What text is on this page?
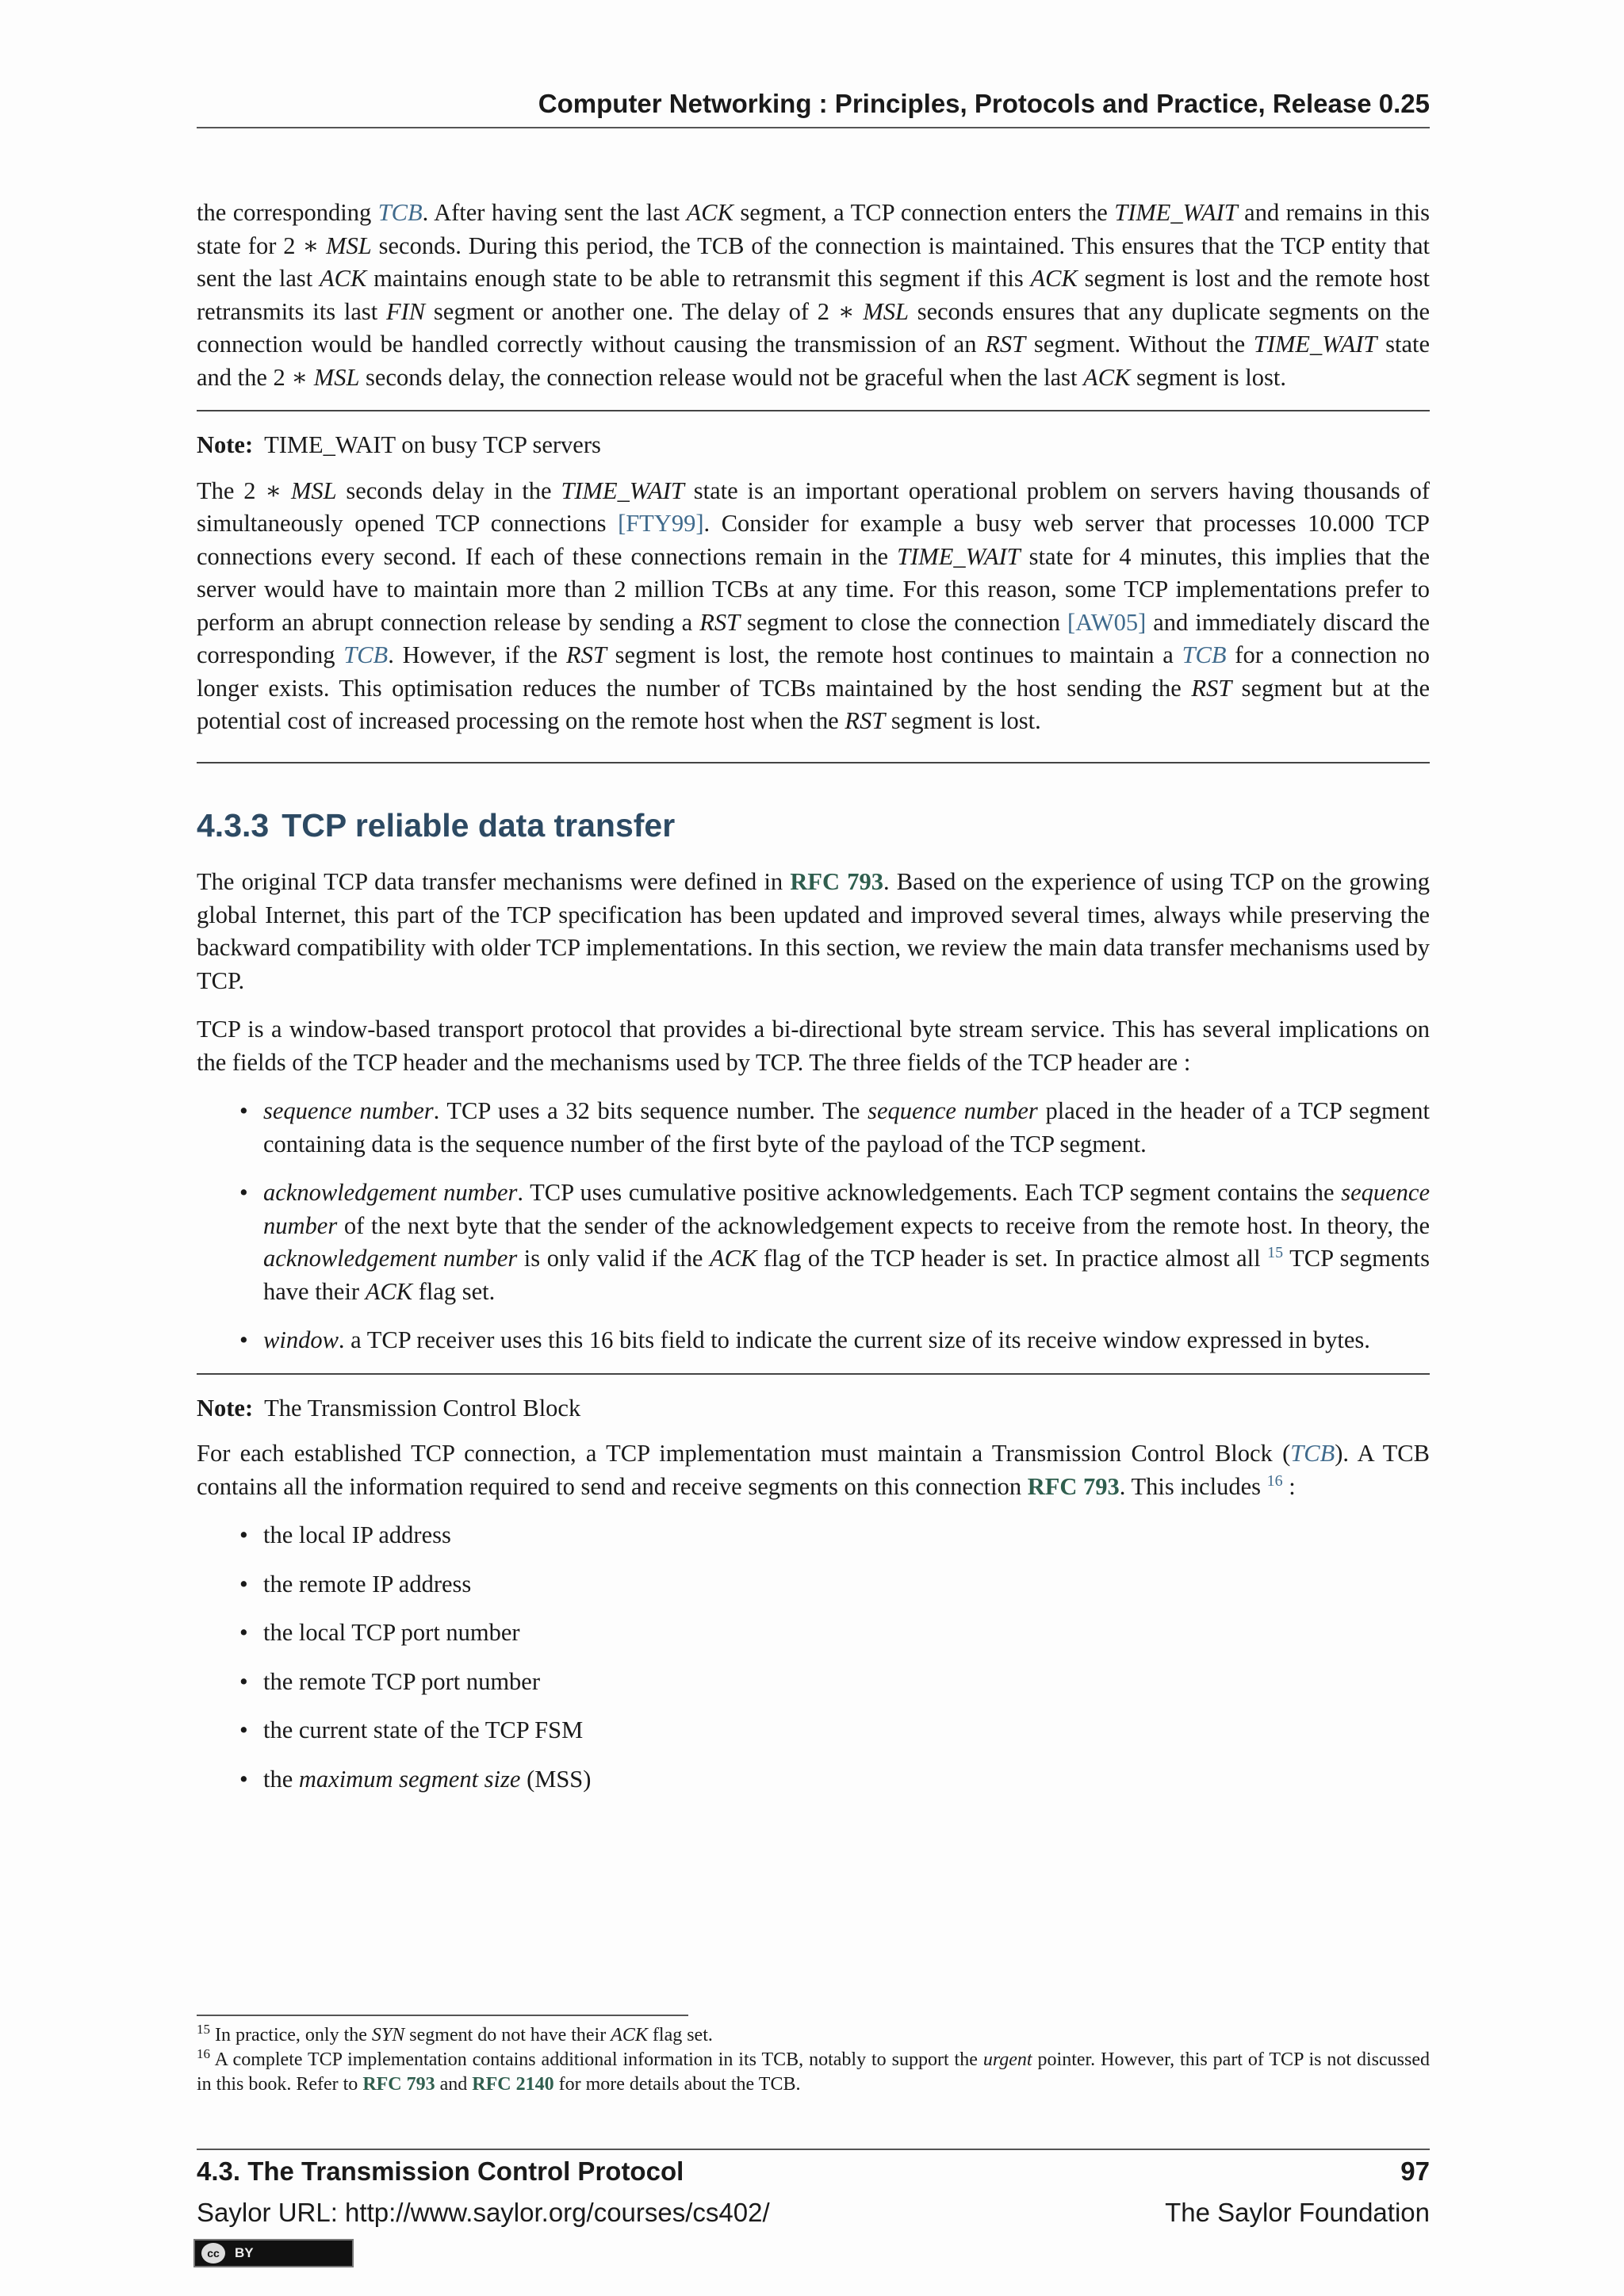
Computer Networking : Principles, Protocols and Practice, Release 0.25

the corresponding TCB. After having sent the last ACK segment, a TCP connection enters the TIME_WAIT and remains in this state for 2 ∗ MSL seconds. During this period, the TCB of the connection is maintained. This ensures that the TCP entity that sent the last ACK maintains enough state to be able to retransmit this segment if this ACK segment is lost and the remote host retransmits its last FIN segment or another one. The delay of 2 ∗ MSL seconds ensures that any duplicate segments on the connection would be handled correctly without causing the transmission of an RST segment. Without the TIME_WAIT state and the 2 ∗ MSL seconds delay, the connection release would not be graceful when the last ACK segment is lost.

Note: TIME_WAIT on busy TCP servers

The 2 ∗ MSL seconds delay in the TIME_WAIT state is an important operational problem on servers having thousands of simultaneously opened TCP connections [FTY99]. Consider for example a busy web server that processes 10.000 TCP connections every second. If each of these connections remain in the TIME_WAIT state for 4 minutes, this implies that the server would have to maintain more than 2 million TCBs at any time. For this reason, some TCP implementations prefer to perform an abrupt connection release by sending a RST segment to close the connection [AW05] and immediately discard the corresponding TCB. However, if the RST segment is lost, the remote host continues to maintain a TCB for a connection no longer exists. This optimisation reduces the number of TCBs maintained by the host sending the RST segment but at the potential cost of increased processing on the remote host when the RST segment is lost.

4.3.3 TCP reliable data transfer

The original TCP data transfer mechanisms were defined in RFC 793. Based on the experience of using TCP on the growing global Internet, this part of the TCP specification has been updated and improved several times, always while preserving the backward compatibility with older TCP implementations. In this section, we review the main data transfer mechanisms used by TCP.

TCP is a window-based transport protocol that provides a bi-directional byte stream service. This has several implications on the fields of the TCP header and the mechanisms used by TCP. The three fields of the TCP header are :

• sequence number. TCP uses a 32 bits sequence number. The sequence number placed in the header of a TCP segment containing data is the sequence number of the first byte of the payload of the TCP segment.
• acknowledgement number. TCP uses cumulative positive acknowledgements. Each TCP segment contains the sequence number of the next byte that the sender of the acknowledgement expects to receive from the remote host. In theory, the acknowledgement number is only valid if the ACK flag of the TCP header is set. In practice almost all $^{15}$ TCP segments have their ACK flag set.
• window. a TCP receiver uses this 16 bits field to indicate the current size of its receive window expressed in bytes.
Note: The Transmission Control Block

For each established TCP connection, a TCP implementation must maintain a Transmission Control Block (TCB). A TCB contains all the information required to send and receive segments on this connection RFC 793. This includes $^{16}$ :

• the local IP address
• the remote IP address
• the local TCP port number
• the remote TCP port number
• the current state of the TCP FSM
• the maximum segment size (MSS)
$^{15}$ In practice, only the SYN segment do not have their ACK flag set.
$^{16}$ A complete TCP implementation contains additional information in its TCB, notably to support the urgent pointer. However, this part of TCP is not discussed in this book. Refer to RFC 793 and RFC 2140 for more details about the TCB.
4.3. The Transmission Control Protocol	97
Saylor URL: http://www.saylor.org/courses/cs402/	The Saylor Foundation
cc	BY
